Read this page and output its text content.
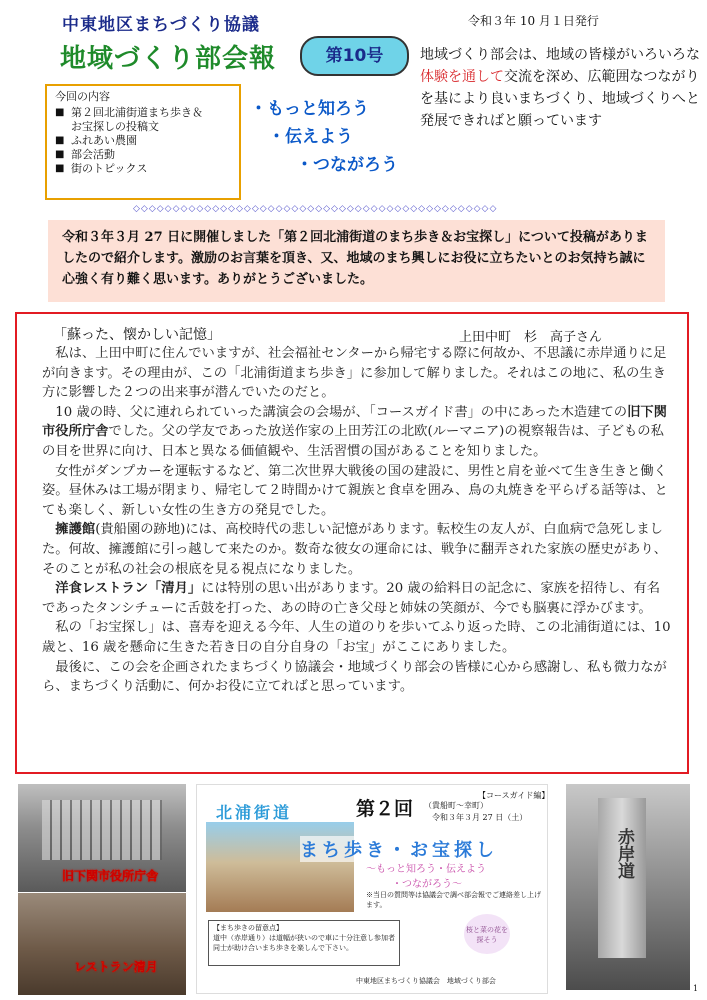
中東地区まちづくり協議
地域づくり部会報
令和３年 10 月１日発行
第10号	地域づくり部会は、地域の皆様がいろいろな体験を通して交流を深め、広範囲なつながりを基により良いまちづくり、地域づくりへと発展できればと願っています
今回の内容
■ 第２回北浦街道まち歩き＆
お宝探しの投稿文
■ ふれあい農園
■ 部会活動
■ 街のトピックス
・もっと知ろう
・伝えよう
・つながろう
◇◇◇◇◇◇◇◇◇◇◇◇◇◇◇◇◇◇◇◇◇◇◇◇◇◇◇◇◇◇◇◇◇◇◇◇◇◇◇◇◇◇◇◇◇◇
令和３年３月 27 日に開催しました「第２回北浦街道のまち歩き＆お宝探し」について投稿がありましたので紹介します。激励のお言葉を頂き、又、地域のまち興しにお役に立ちたいとのお気持ち誠に心強く有り難く思います。ありがとうございました。
「蘇った、懐かしい記憶」	上田中町　杉　高子さん

　私は、上田中町に住んでいますが、社会福祉センターから帰宅する際に何故か、不思議に赤岸通りに足が向きます。その理由が、この「北浦街道まち歩き」に参加して解りました。それはこの地に、私の生き方に影響した２つの出来事が潜んでいたのだと。

　10 歳の時、父に連れられていった講演会の会場が、「コースガイド書」の中にあった木造建ての旧下関市役所庁舎でした。父の学友であった放送作家の上田芳江の北欧(ルーマニア)の視察報告は、子どもの私の目を世界に向け、日本と異なる価値観や、生活習慣の国があることを知りました。

　女性がダンプカーを運転するなど、第二次世界大戦後の国の建設に、男性と肩を並べて生き生きと働く姿。昼休みは工場が閉まり、帰宅して２時間かけて親族と食卓を囲み、鳥の丸焼きを平らげる話等は、とても楽しく、新しい女性の生き方の発見でした。

　擁護館(貴船園の跡地)には、高校時代の悲しい記憶があります。転校生の友人が、白血病で急死しました。何故、擁護館に引っ越して来たのか。数奇な彼女の運命には、戦争に翻弄された家族の歴史があり、そのことが私の社会の根底を見る視点になりました。

　洋食レストラン「清月」には特別の思い出があります。20 歳の給料日の記念に、家族を招待し、有名であったタンシチューに舌鼓を打った、あの時の亡き父母と姉妹の笑顔が、今でも脳裏に浮かびます。

　私の「お宝探し」は、喜寿を迎える今年、人生の道のりを歩いてふり返った時、この北浦街道には、10 歳と、16 歳を懸命に生きた若き日の自分自身の「お宝」がここにありました。

　最後に、この会を企画されたまちづくり協議会・地域づくり部会の皆様に心から感謝し、私も微力ながら、まちづくり活動に、何かお役に立てればと思っています。

旧下関市役所庁舎
レストラン清月
【コースガイド編】
第２回 （貴船町～幸町）
令和３年３月 27 日（土）
北浦街道
まち歩き・お宝探し
～もっと知ろう・伝えよう
・つながろう～
※当日の質問等は協議会で調べ部会報でご連絡差し上げます。
桜と菜の花を探そう
【まち歩きの留意点】
道中（赤岸通り）は道幅が狭いので車に十分注意し参加者同士が助け合いまち歩きを楽しんで下さい。
中東地区まちづくり協議会　地域づくり部会
赤岸道
1
